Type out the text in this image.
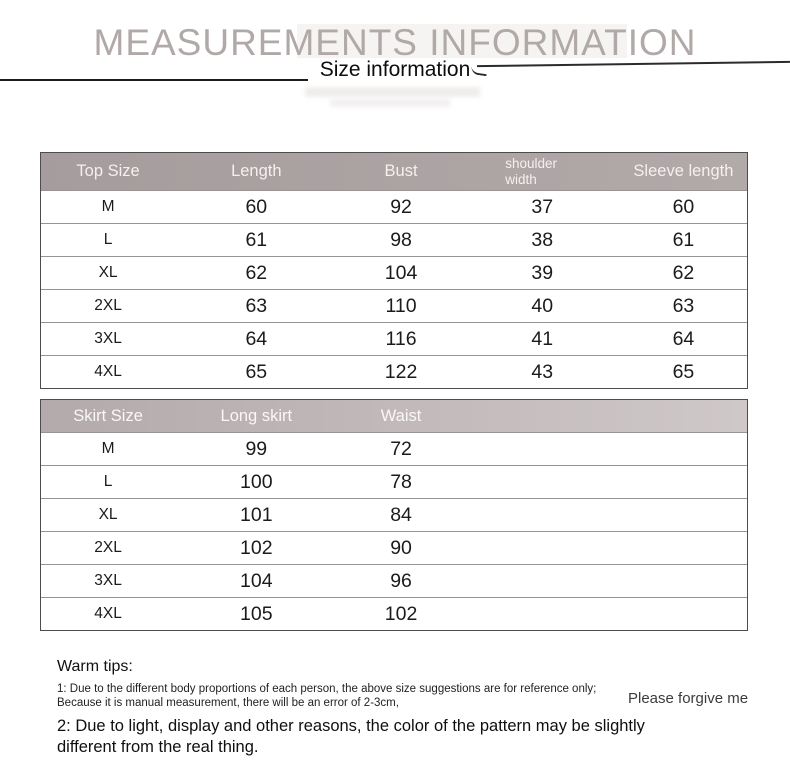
MEASUREMENTS INFORMATION
Size information
Top Size	Length	Bust	shoulder width	Sleeve length
M	60	92	37	60
L	61	98	38	61
XL	62	104	39	62
2XL	63	110	40	63
3XL	64	116	41	64
4XL	65	122	43	65
Skirt Size	Long skirt	Waist
M	99	72
L	100	78
XL	101	84
2XL	102	90
3XL	104	96
4XL	105	102
Warm tips:
1: Due to the different body proportions of each person, the above size suggestions are for reference only; Because it is manual measurement, there will be an error of 2-3cm,
2: Due to light, display and other reasons, the color of the pattern may be slightly different from the real thing.
Please forgive me
